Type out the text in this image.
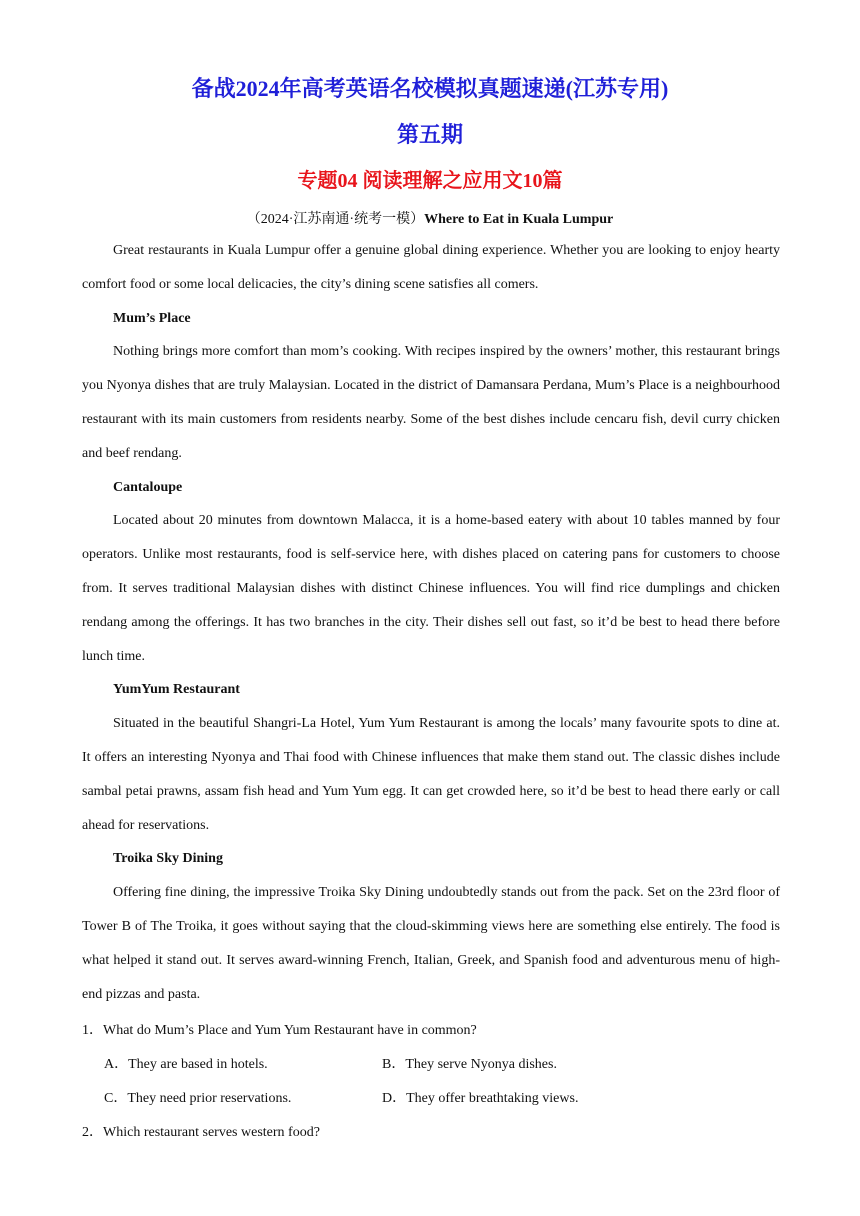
备战2024年高考英语名校模拟真题速递(江苏专用)
第五期
专题04 阅读理解之应用文10篇
（2024·江苏南通·统考一模）Where to Eat in Kuala Lumpur

Great restaurants in Kuala Lumpur offer a genuine global dining experience. Whether you are looking to enjoy hearty comfort food or some local delicacies, the city’s dining scene satisfies all comers.

Mum’s Place

Nothing brings more comfort than mom’s cooking. With recipes inspired by the owners’ mother, this restaurant brings you Nyonya dishes that are truly Malaysian. Located in the district of Damansara Perdana, Mum’s Place is a neighbourhood restaurant with its main customers from residents nearby. Some of the best dishes include cencaru fish, devil curry chicken and beef rendang.

Cantaloupe

Located about 20 minutes from downtown Malacca, it is a home-based eatery with about 10 tables manned by four operators. Unlike most restaurants, food is self-service here, with dishes placed on catering pans for customers to choose from. It serves traditional Malaysian dishes with distinct Chinese influences. You will find rice dumplings and chicken rendang among the offerings. It has two branches in the city. Their dishes sell out fast, so it’d be best to head there before lunch time.

YumYum Restaurant

Situated in the beautiful Shangri-La Hotel, Yum Yum Restaurant is among the locals’ many favourite spots to dine at. It offers an interesting Nyonya and Thai food with Chinese influences that make them stand out. The classic dishes include sambal petai prawns, assam fish head and Yum Yum egg. It can get crowded here, so it’d be best to head there early or call ahead for reservations.

Troika Sky Dining

Offering fine dining, the impressive Troika Sky Dining undoubtedly stands out from the pack. Set on the 23rd floor of Tower B of The Troika, it goes without saying that the cloud-skimming views here are something else entirely. The food is what helped it stand out. It serves award-winning French, Italian, Greek, and Spanish food and adventurous menu of high-end pizzas and pasta.

1．What do Mum’s Place and Yum Yum Restaurant have in common?
A．They are based in hotels.	B．They serve Nyonya dishes.
C．They need prior reservations.	D．They offer breathtaking views.
2．Which restaurant serves western food?
